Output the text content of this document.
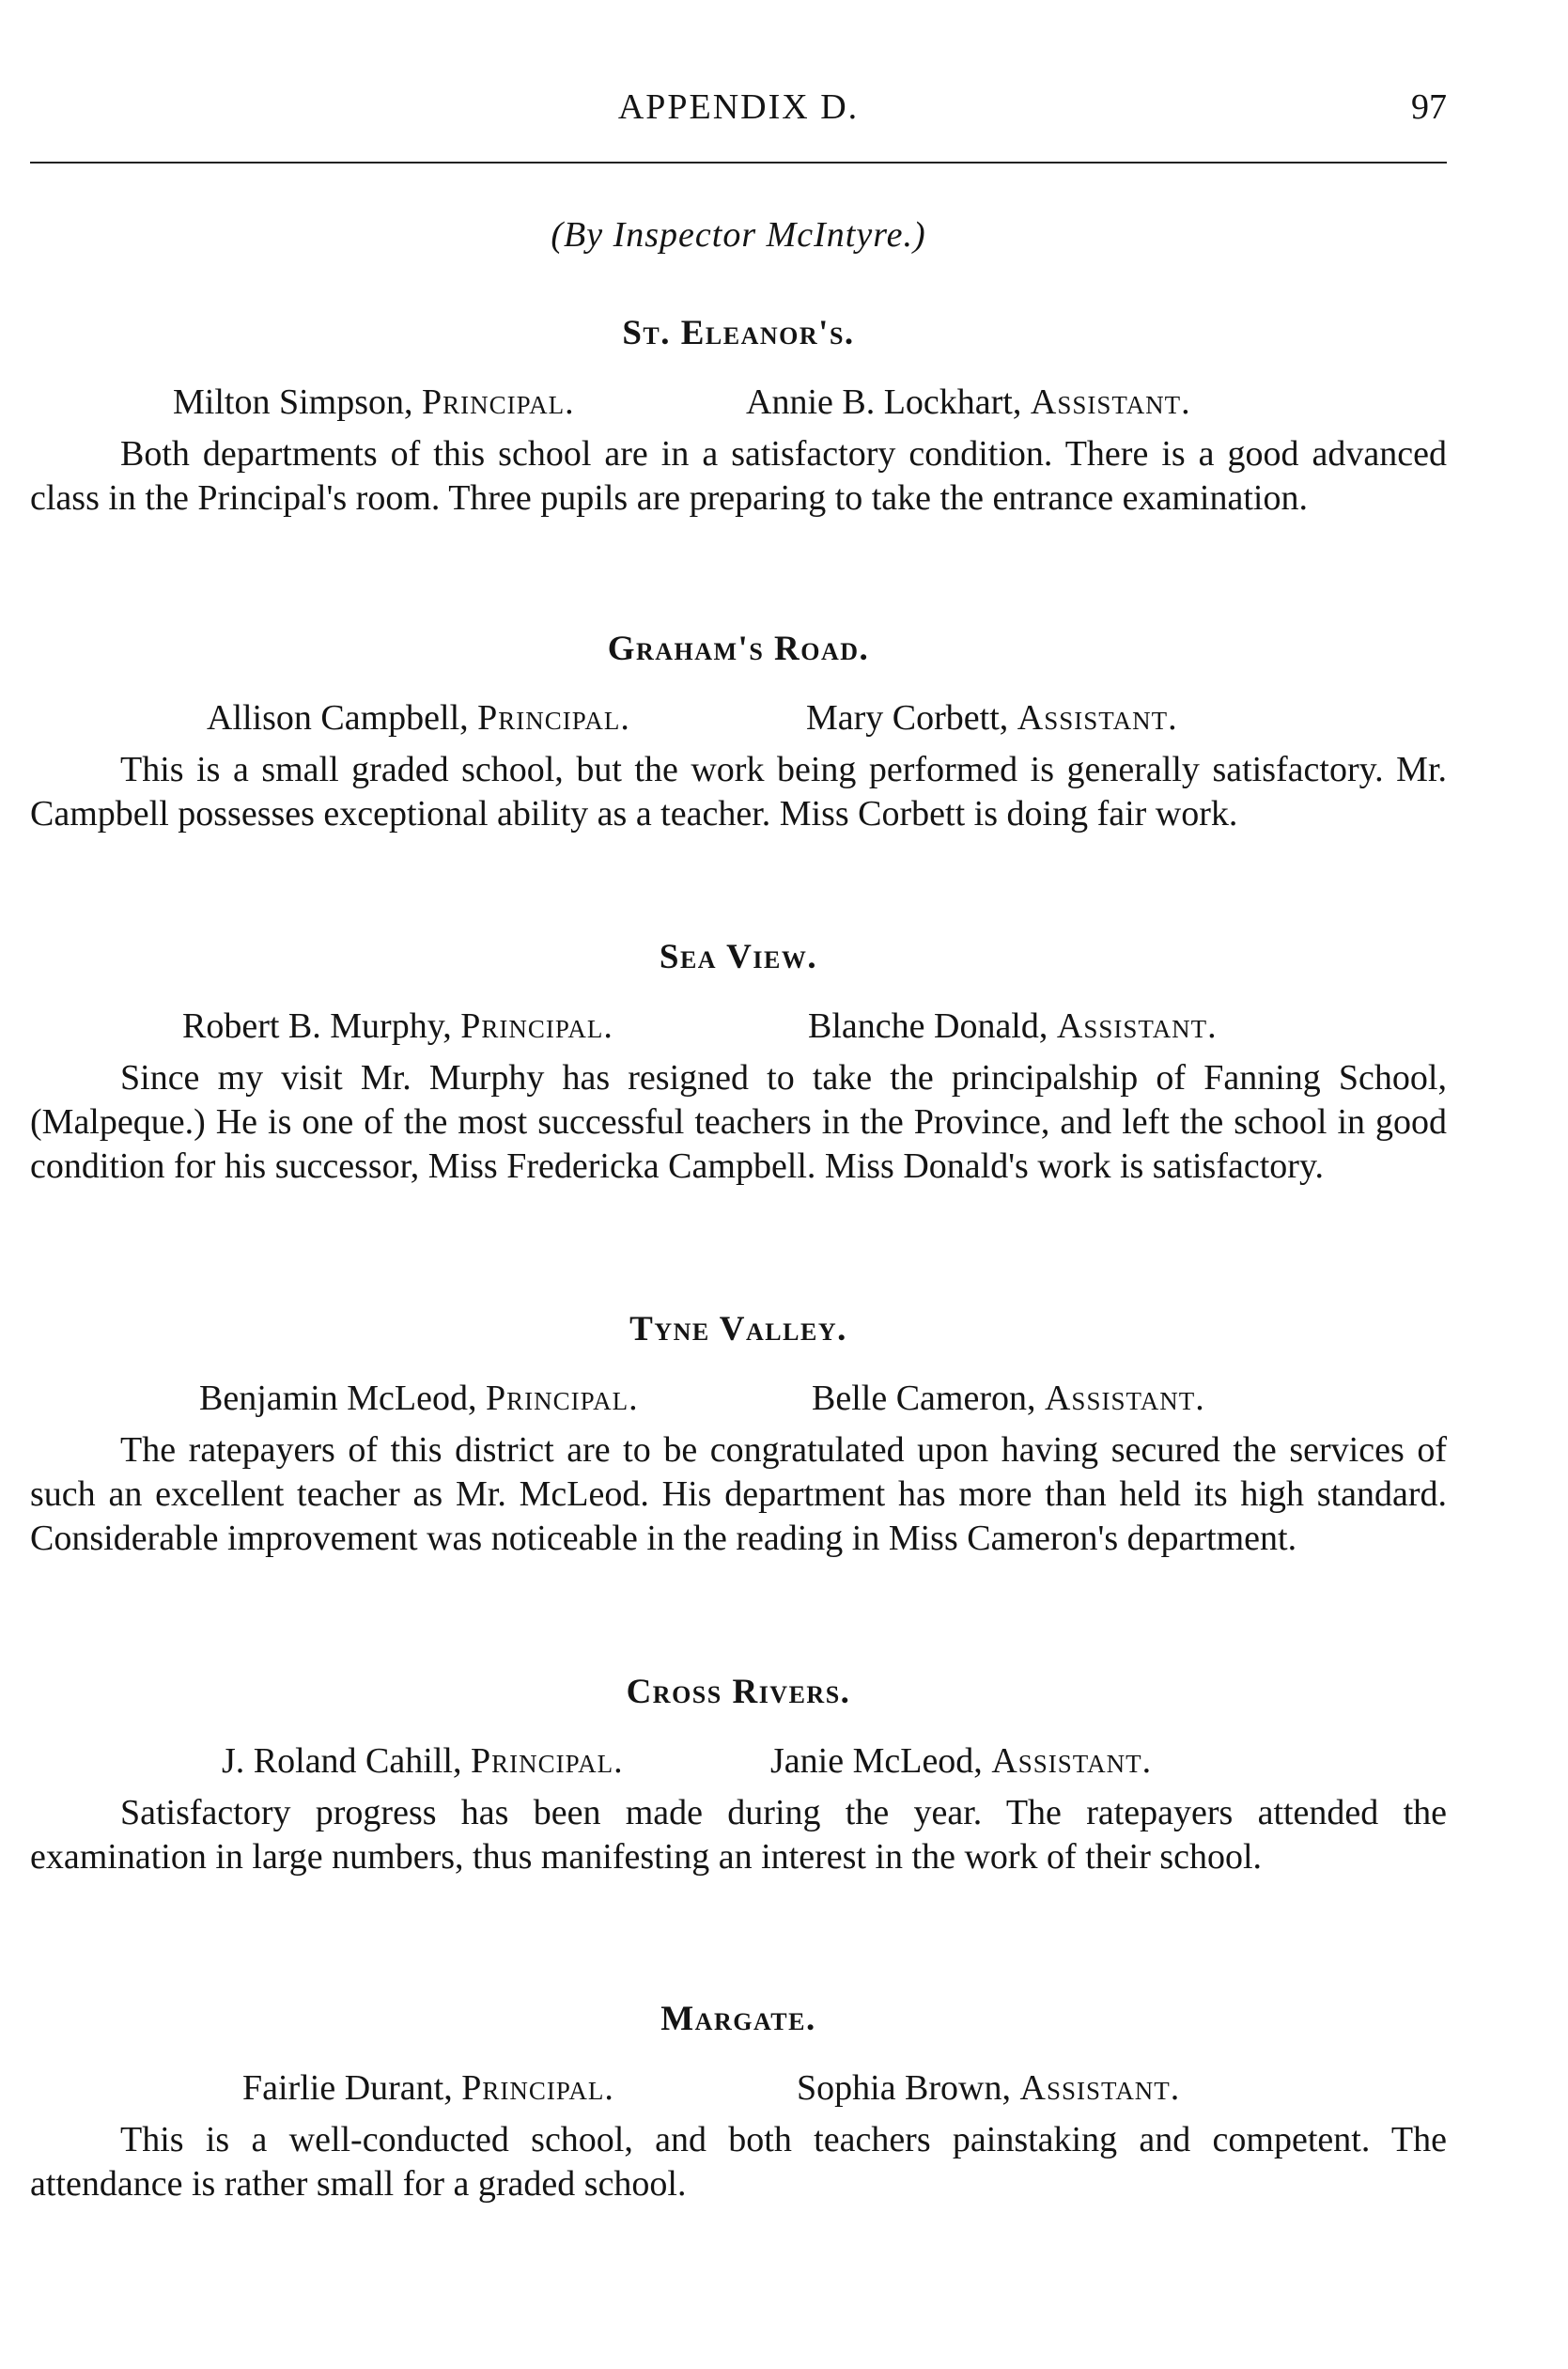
APPENDIX D.	97
(By Inspector McIntyre.)
St. Eleanor's.
Milton Simpson, Principal.	Annie B. Lockhart, Assistant.

Both departments of this school are in a satisfactory condition. There is a good advanced class in the Principal's room. Three pupils are preparing to take the entrance examination.

Graham's Road.
Allison Campbell, Principal.	Mary Corbett, Assistant.

This is a small graded school, but the work being performed is generally satisfactory. Mr. Campbell possesses exceptional ability as a teacher. Miss Corbett is doing fair work.

Sea View.
Robert B. Murphy, Principal.	Blanche Donald, Assistant.

Since my visit Mr. Murphy has resigned to take the principalship of Fanning School, (Malpeque.) He is one of the most successful teachers in the Province, and left the school in good condition for his successor, Miss Fredericka Campbell. Miss Donald's work is satisfactory.

Tyne Valley.
Benjamin McLeod, Principal.	Belle Cameron, Assistant.

The ratepayers of this district are to be congratulated upon having secured the services of such an excellent teacher as Mr. McLeod. His department has more than held its high standard. Considerable improvement was noticeable in the reading in Miss Cameron's department.

Cross Rivers.
J. Roland Cahill, Principal.	Janie McLeod, Assistant.

Satisfactory progress has been made during the year. The ratepayers attended the examination in large numbers, thus manifesting an interest in the work of their school.

Margate.
Fairlie Durant, Principal.	Sophia Brown, Assistant.

This is a well-conducted school, and both teachers painstaking and competent. The attendance is rather small for a graded school.
